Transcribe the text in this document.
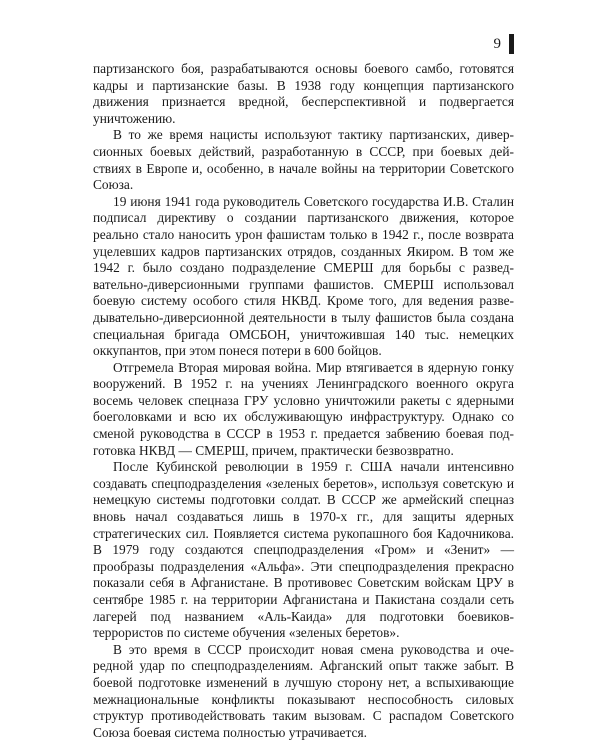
9

партизанского боя, разрабатываются основы боевого самбо, готовятся кадры и партизанские базы. В 1938 году концепция партизанского движения признается вредной, бесперспективной и подвергается уничтожению.

В то же время нацисты используют тактику партизанских, диверсионных боевых действий, разработанную в СССР, при боевых действиях в Европе и, особенно, в начале войны на территории Советского Союза.

19 июня 1941 года руководитель Советского государства И.В. Сталин подписал директиву о создании партизанского движения, которое реально стало наносить урон фашистам только в 1942 г., после возврата уцелевших кадров партизанских отрядов, созданных Якиром. В том же 1942 г. было создано подразделение СМЕРШ для борьбы с разведвательно-диверсионными группами фашистов. СМЕРШ использовал боевую систему особого стиля НКВД. Кроме того, для ведения разведывательно-диверсионной деятельности в тылу фашистов была создана специальная бригада ОМСБОН, уничтожившая 140 тыс. немецких оккупантов, при этом понеся потери в 600 бойцов.

Отгремела Вторая мировая война. Мир втягивается в ядерную гонку вооружений. В 1952 г. на учениях Ленинградского военного округа восемь человек спецназа ГРУ условно уничтожили ракеты с ядерными боеголовками и всю их обслуживающую инфраструктуру. Однако со сменой руководства в СССР в 1953 г. предается забвению боевая подготовка НКВД — СМЕРШ, причем, практически безвозвратно.

После Кубинской революции в 1959 г. США начали интенсивно создавать спецподразделения «зеленых беретов», используя советскую и немецкую системы подготовки солдат. В СССР же армейский спецназ вновь начал создаваться лишь в 1970-х гг., для защиты ядерных стратегических сил. Появляется система рукопашного боя Кадочникова. В 1979 году создаются спецподразделения «Гром» и «Зенит» — прообразы подразделения «Альфа». Эти спецподразделения прекрасно показали себя в Афганистане. В противовес Советским войскам ЦРУ в сентябре 1985 г. на территории Афганистана и Пакистана создали сеть лагерей под названием «Аль-Каида» для подготовки боевиков-террористов по системе обучения «зеленых беретов».

В это время в СССР происходит новая смена руководства и очередной удар по спецподразделениям. Афганский опыт также забыт. В боевой подготовке изменений в лучшую сторону нет, а вспыхивающие межнациональные конфликты показывают неспособность силовых структур противодействовать таким вызовам. С распадом Советского Союза боевая система полностью утрачивается.
